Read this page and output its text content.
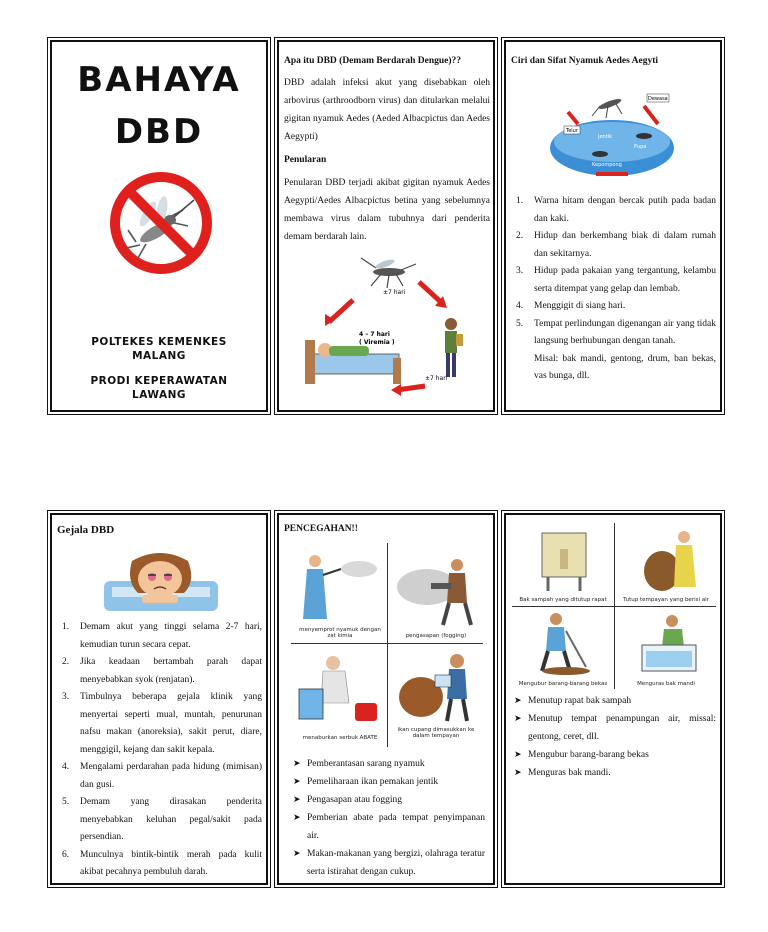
BAHAYA
DBD
POLTEKES KEMENKES
MALANG
PRODI KEPERAWATAN
LAWANG

Apa itu DBD (Demam Berdarah Dengue)??

DBD adalah infeksi akut yang disebabkan oleh arbovirus (arthroodborn virus) dan ditularkan melalui gigitan nyamuk Aedes (Aeded Albacpictus dan Aedes Aegypti)

Penularan

Penularan DBD terjadi akibat gigitan nyamuk Aedes Aegypti/Aedes Albacpictus betina yang sebelumnya membawa virus dalam tubuhnya dari penderita demam berdarah lain.

±7 hari
4 – 7 hari
( Viremia )
±7 hari

Ciri dan Sifat Nyamuk Aedes Aegyti

Dewasa
Telur
Jentik
Pupa
Kepompong
1. Warna hitam dengan bercak putih pada badan dan kaki.
2. Hidup dan berkembang biak di dalam rumah dan sekitarnya.
3. Hidup pada pakaian yang tergantung, kelambu serta ditempat yang gelap dan lembab.
4. Menggigit di siang hari.
5. Tempat perlindungan digenangan air yang tidak langsung berhubungan dengan tanah.
Misal: bak mandi, gentong, drum, ban bekas, vas bunga, dll.

Gejala DBD

1. Demam akut yang tinggi selama 2-7 hari, kemudian turun secara cepat.
2. Jika keadaan bertambah parah dapat menyebabkan syok (renjatan).
3. Timbulnya beberapa gejala klinik yang menyertai seperti mual, muntah, penurunan nafsu makan (anoreksia), sakit perut, diare, menggigil, kejang dan sakit kepala.
4. Mengalami perdarahan pada hidung (mimisan) dan gusi.
5. Demam yang dirasakan penderita menyebabkan keluhan pegal/sakit pada persendian.
6. Munculnya bintik-bintik merah pada kulit akibat pecahnya pembuluh darah.

PENCEGAHAN!!

menyemprot nyamuk dengan zat kimia	pengasapan (fogging)
menaburkan serbuk ABATE
ikan cupang dimasukkan ke dalam tempayan
➤ Pemberantasan sarang nyamuk
➤ Pemeliharaan ikan pemakan jentik
➤ Pengasapan atau fogging
➤ Pemberian abate pada tempat penyimpanan air.
➤ Makan-makanan yang bergizi, olahraga teratur serta istirahat dengan cukup.
Bak sampah yang ditutup rapat	Tutup tempayan yang berisi air
Mengubur barang-barang bekas	Menguras bak mandi
➤ Menutup rapat bak sampah
➤ Menutup tempat penampungan air, missal: gentong, ceret, dll.
➤ Mengubur barang-barang bekas
➤ Menguras bak mandi.
